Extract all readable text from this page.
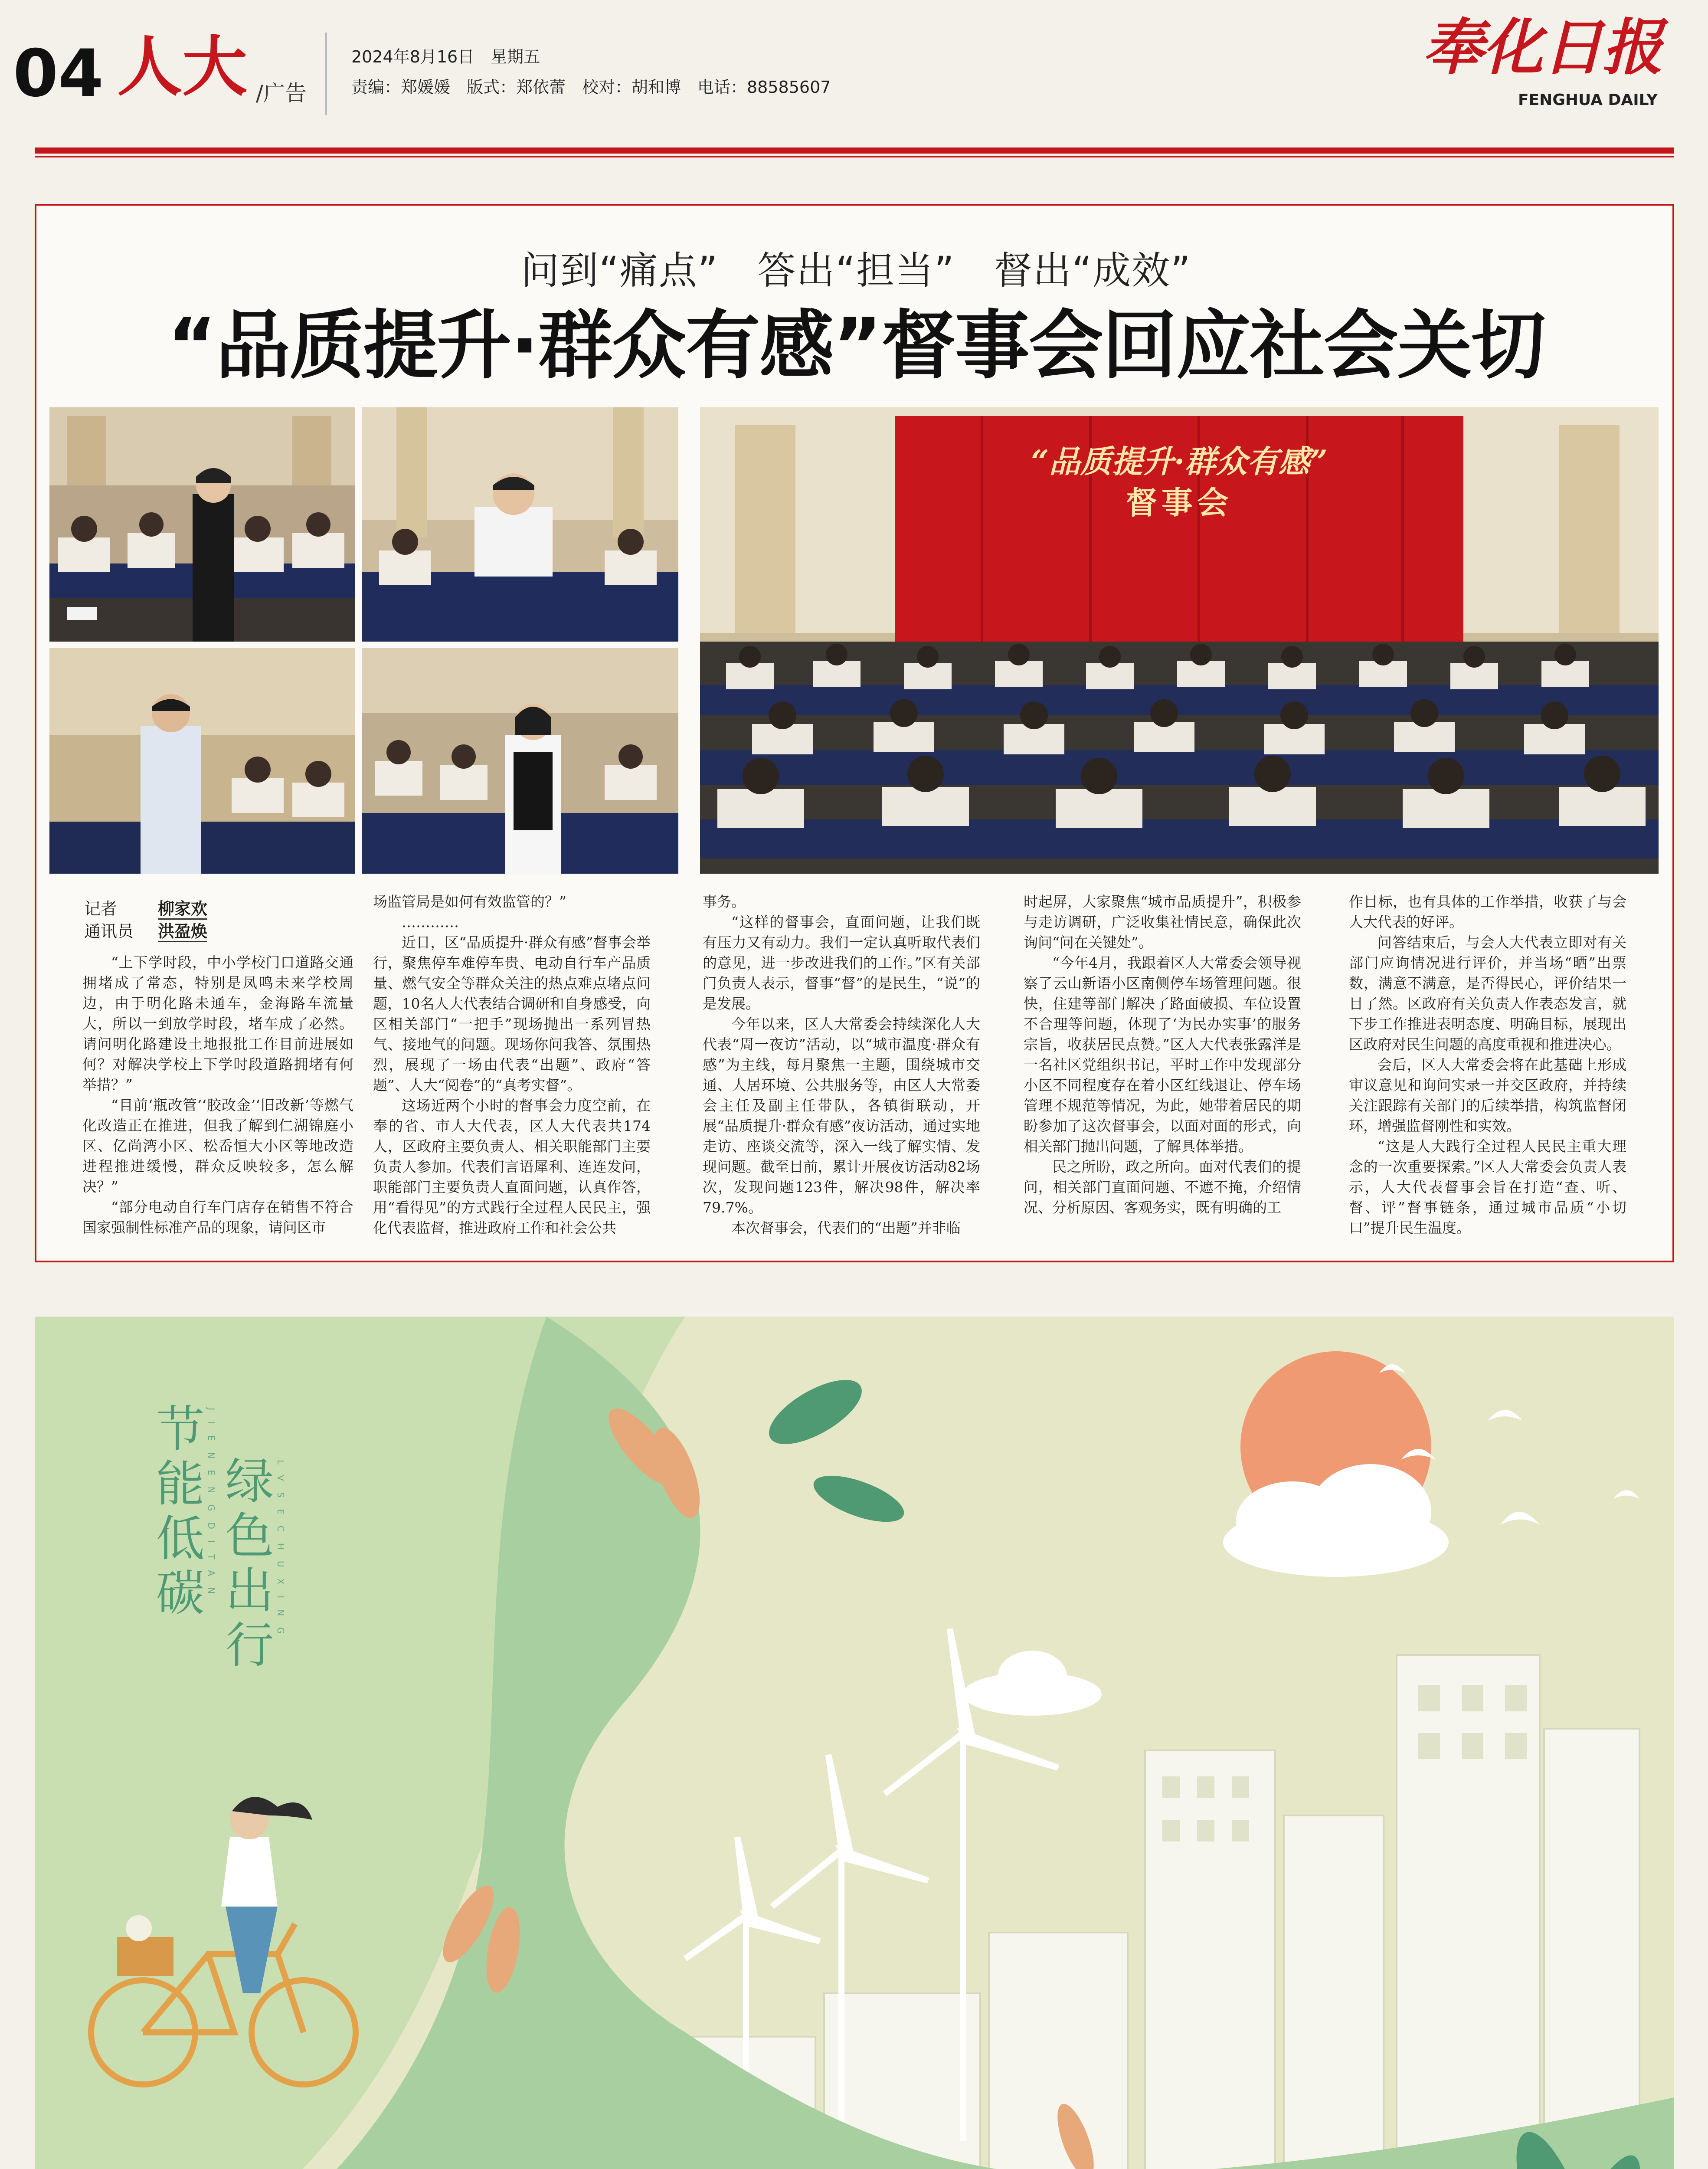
04 人大 /广告
2024年8月16日　星期五
责编：郑媛媛　版式：郑依蕾　校对：胡和博　电话：88585607
奉化日报
FENGHUA DAILY
问到“痛点”　答出“担当”　督出“成效”
“品质提升·群众有感”督事会回应社会关切
“品质提升·群众有感”
督事会
记者 柳家欢
通讯员 洪盈焕

“上下学时段，中小学校门口道路交通拥堵成了常态，特别是凤鸣未来学校周边，由于明化路未通车，金海路车流量大，所以一到放学时段，堵车成了必然。请问明化路建设土地报批工作目前进展如何？对解决学校上下学时段道路拥堵有何举措？”

“目前‘瓶改管’‘胶改金’‘旧改新’等燃气化改造正在推进，但我了解到仁湖锦庭小区、亿尚湾小区、松岙恒大小区等地改造进程推进缓慢，群众反映较多，怎么解决？”

“部分电动自行车门店存在销售不符合国家强制性标准产品的现象，请问区市

场监管局是如何有效监管的？”

…………

近日，区“品质提升·群众有感”督事会举行，聚焦停车难停车贵、电动自行车产品质量、燃气安全等群众关注的热点难点堵点问题，10名人大代表结合调研和自身感受，向区相关部门“一把手”现场抛出一系列冒热气、接地气的问题。现场你问我答、氛围热烈，展现了一场由代表“出题”、政府“答题”、人大“阅卷”的“真考实督”。

这场近两个小时的督事会力度空前，在奉的省、市人大代表，区人大代表共174人，区政府主要负责人、相关职能部门主要负责人参加。代表们言语犀利、连连发问，职能部门主要负责人直面问题，认真作答，用“看得见”的方式践行全过程人民民主，强化代表监督，推进政府工作和社会公共

事务。

“这样的督事会，直面问题，让我们既有压力又有动力。我们一定认真听取代表们的意见，进一步改进我们的工作。”区有关部门负责人表示，督事“督”的是民生，“说”的是发展。

今年以来，区人大常委会持续深化人大代表“周一夜访”活动，以“城市温度·群众有感”为主线，每月聚焦一主题，围绕城市交通、人居环境、公共服务等，由区人大常委会主任及副主任带队，各镇街联动，开展“品质提升·群众有感”夜访活动，通过实地走访、座谈交流等，深入一线了解实情、发现问题。截至目前，累计开展夜访活动82场次，发现问题123件，解决98件，解决率79.7%。

本次督事会，代表们的“出题”并非临

时起屏，大家聚焦“城市品质提升”，积极参与走访调研，广泛收集社情民意，确保此次询问“问在关键处”。

“今年4月，我跟着区人大常委会领导视察了云山新语小区南侧停车场管理问题。很快，住建等部门解决了路面破损、车位设置不合理等问题，体现了‘为民办实事’的服务宗旨，收获居民点赞。”区人大代表张露洋是一名社区党组织书记，平时工作中发现部分小区不同程度存在着小区红线退让、停车场管理不规范等情况，为此，她带着居民的期盼参加了这次督事会，以面对面的形式，向相关部门抛出问题，了解具体举措。

民之所盼，政之所向。面对代表们的提问，相关部门直面问题、不遮不掩，介绍情况、分析原因、客观务实，既有明确的工

作目标，也有具体的工作举措，收获了与会人大代表的好评。

问答结束后，与会人大代表立即对有关部门应询情况进行评价，并当场“晒”出票数，满意不满意，是否得民心，评价结果一目了然。区政府有关负责人作表态发言，就下步工作推进表明态度、明确目标，展现出区政府对民生问题的高度重视和推进决心。

会后，区人大常委会将在此基础上形成审议意见和询问实录一并交区政府，并持续关注跟踪有关部门的后续举措，构筑监督闭环，增强监督刚性和实效。

“这是人大践行全过程人民民主重大理念的一次重要探索。”区人大常委会负责人表示，人大代表督事会旨在打造“查、听、督、评”督事链条，通过城市品质“小切口”提升民生温度。

节能低碳 JIENENGDITAN 绿色出行 LVSECHUXING
